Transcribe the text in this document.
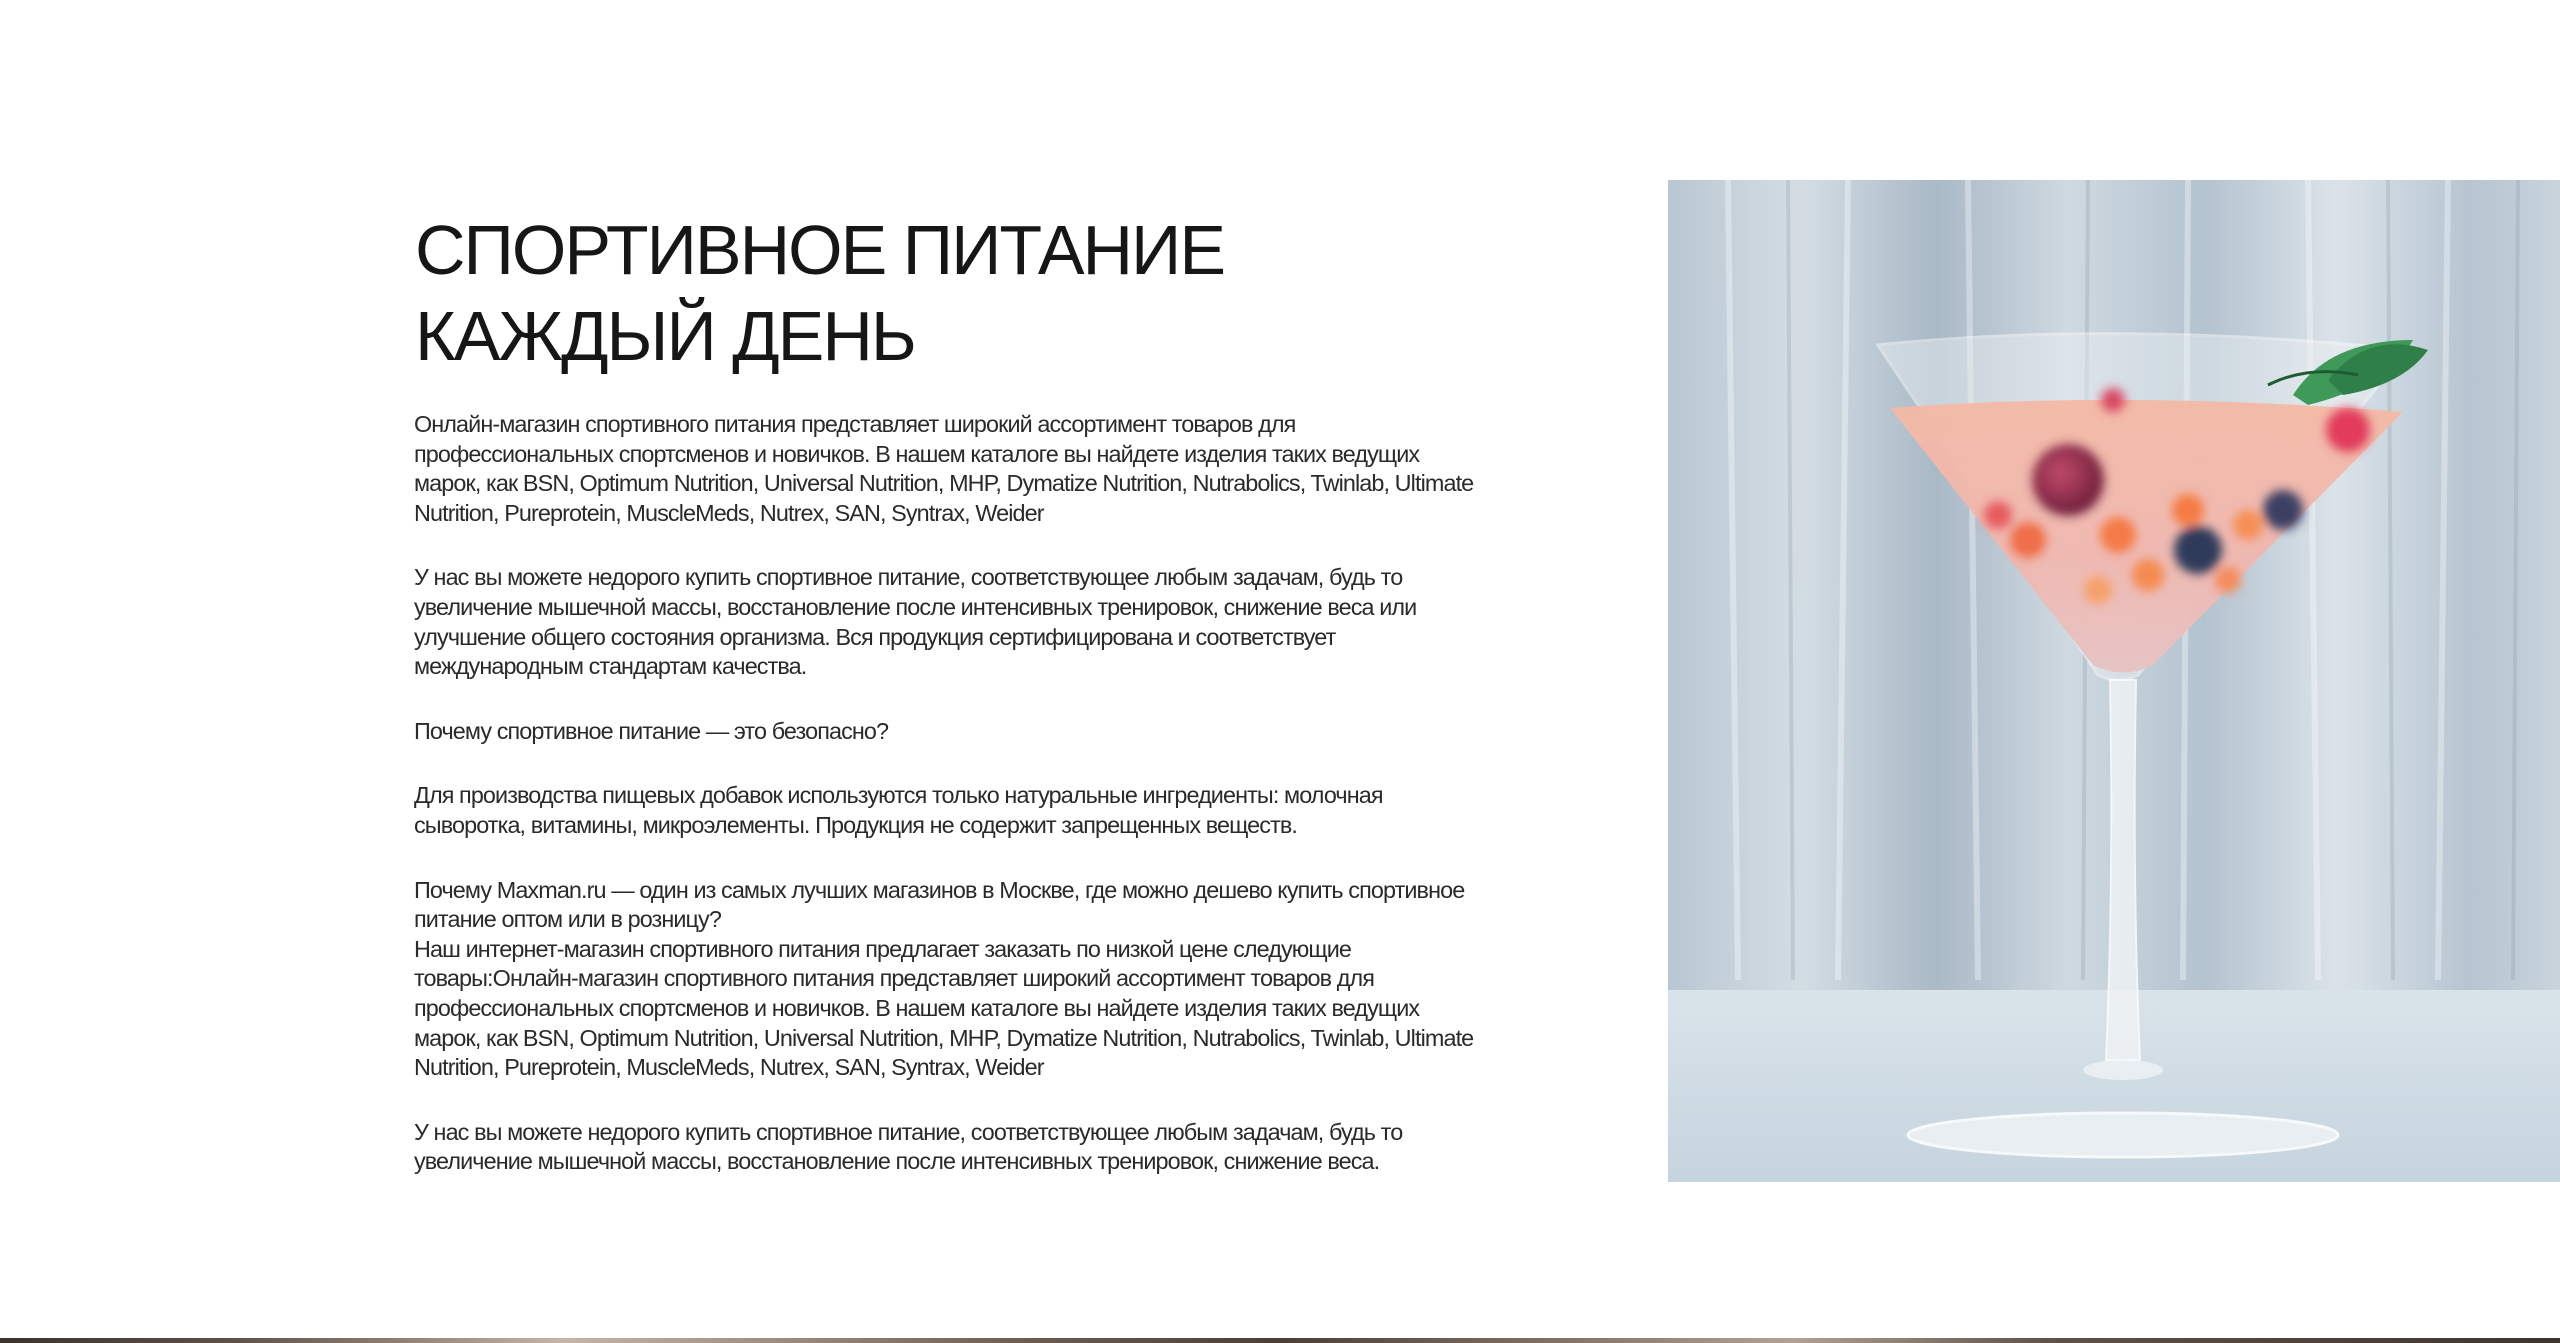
СПОРТИВНОЕ ПИТАНИЕ
КАЖДЫЙ ДЕНЬ

Онлайн-магазин спортивного питания представляет широкий ассортимент товаров для профессиональных спортсменов и новичков. В нашем каталоге вы найдете изделия таких ведущих марок, как BSN, Optimum Nutrition, Universal Nutrition, MHP, Dymatize Nutrition, Nutrabolics, Twinlab, Ultimate Nutrition, Pureprotein, MuscleMeds, Nutrex, SAN, Syntrax, Weider

У нас вы можете недорого купить спортивное питание, соответствующее любым задачам, будь то увеличение мышечной массы, восстановление после интенсивных тренировок, снижение веса или улучшение общего состояния организма. Вся продукция сертифицирована и соответствует международным стандартам качества.

Почему спортивное питание — это безопасно?

Для производства пищевых добавок используются только натуральные ингредиенты: молочная сыворотка, витамины, микроэлементы. Продукция не содержит запрещенных веществ.

Почему Maxman.ru — один из самых лучших магазинов в Москве, где можно дешево купить спортивное питание оптом или в розницу?

Наш интернет-магазин спортивного питания предлагает заказать по низкой цене следующие товары:Онлайн-магазин спортивного питания представляет широкий ассортимент товаров для профессиональных спортсменов и новичков. В нашем каталоге вы найдете изделия таких ведущих марок, как BSN, Optimum Nutrition, Universal Nutrition, MHP, Dymatize Nutrition, Nutrabolics, Twinlab, Ultimate Nutrition, Pureprotein, MuscleMeds, Nutrex, SAN, Syntrax, Weider

У нас вы можете недорого купить спортивное питание, соответствующее любым задачам, будь то увеличение мышечной массы, восстановление после интенсивных тренировок, снижение веса.
